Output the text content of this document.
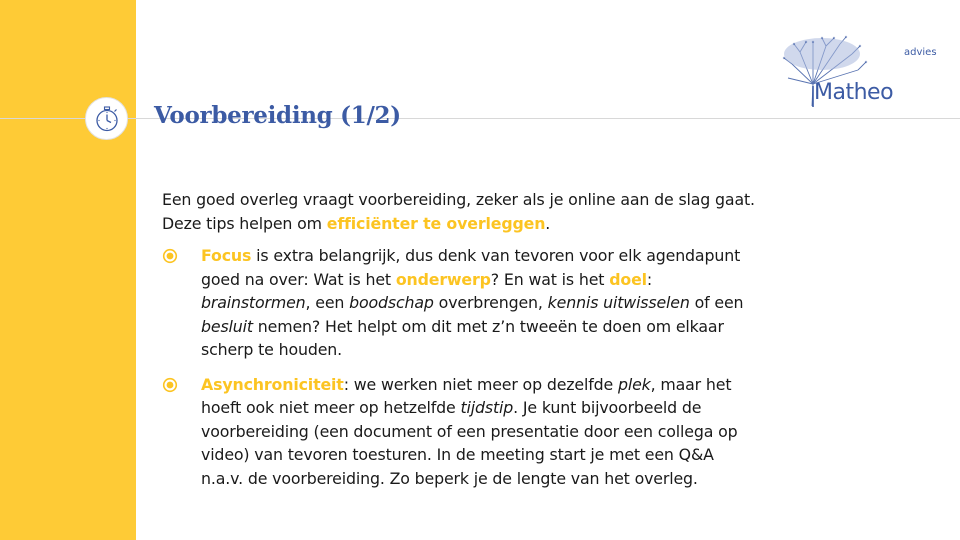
Voorbereiding (1/2)
advies
Matheo

Een goed overleg vraagt voorbereiding, zeker als je online aan de slag gaat.

Deze tips helpen om efficiënter te overleggen.

Focus is extra belangrijk, dus denk van tevoren voor elk agendapunt
goed na over: Wat is het onderwerp? En wat is het doel:
brainstormen, een boodschap overbrengen, kennis uitwisselen of een
besluit nemen? Het helpt om dit met z’n tweeën te doen om elkaar
scherp te houden.
Asynchroniciteit: we werken niet meer op dezelfde plek, maar het
hoeft ook niet meer op hetzelfde tijdstip. Je kunt bijvoorbeeld de
voorbereiding (een document of een presentatie door een collega op
video) van tevoren toesturen. In de meeting start je met een Q&A
n.a.v. de voorbereiding. Zo beperk je de lengte van het overleg.
